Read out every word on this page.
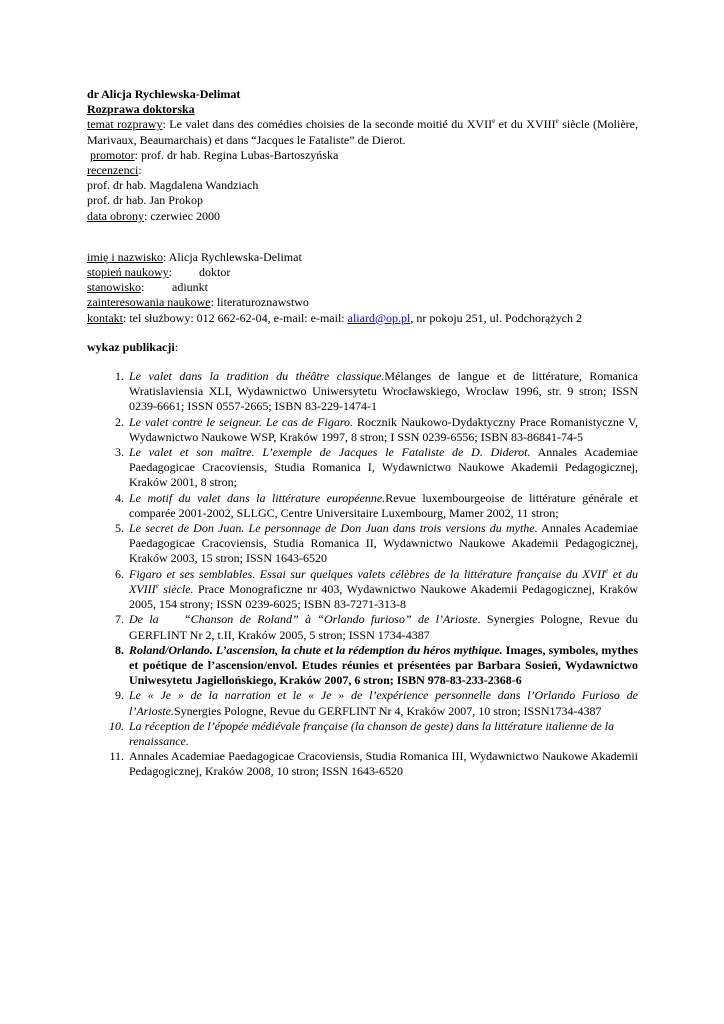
dr Alicja Rychlewska-Delimat

Rozprawa doktorska

temat rozprawy: Le valet dans des comédies choisies de la seconde moitié du XVIIe et du XVIIIe siècle (Molière, Marivaux, Beaumarchais) et dans “Jacques le Fataliste” de Dierot.

promotor: prof. dr hab. Regina Lubas-Bartoszyńska

recenzenci:

prof. dr hab. Magdalena Wandziach

prof. dr hab. Jan Prokop

data obrony: czerwiec 2000

imię i nazwisko: Alicja Rychlewska-Delimat

stopień naukowy: doktor

stanowisko: adiunkt

zainteresowania naukowe: literaturoznawstwo

kontakt: tel służbowy: 012 662-62-04, e-mail: e-mail: aliard@op.pl, nr pokoju 251, ul. Podchorążych 2

wykaz publikacji:

1. Le valet dans la tradition du théâtre classique.Mélanges de langue et de littérature, Romanica Wratislaviensia XLI, Wydawnictwo Uniwersytetu Wrocławskiego, Wrocław 1996, str. 9 stron; ISSN 0239-6661; ISSN 0557-2665; ISBN 83-229-1474-1
2. Le valet contre le seigneur. Le cas de Figaro. Rocznik Naukowo-Dydaktyczny Prace Romanistyczne V, Wydawnictwo Naukowe WSP, Kraków 1997, 8 stron; I SSN 0239-6556; ISBN 83-86841-74-5
3. Le valet et son maître. L’exemple de Jacques le Fataliste de D. Diderot. Annales Academiae Paedagogicae Cracoviensis, Studia Romanica I, Wydawnictwo Naukowe Akademii Pedagogicznej, Kraków 2001, 8 stron;
4. Le motif du valet dans la littérature européenne.Revue luxembourgeoise de littérature générale et comparée 2001-2002, SLLGC, Centre Universitaire Luxembourg, Mamer 2002, 11 stron;
5. Le secret de Don Juan. Le personnage de Don Juan dans trois versions du mythe. Annales Academiae Paedagogicae Cracoviensis, Studia Romanica II, Wydawnictwo Naukowe Akademii Pedagogicznej, Kraków 2003, 15 stron; ISSN 1643-6520
6. Figaro et ses semblables. Essai sur quelques valets célèbres de la littérature française du XVIIe et du XVIIIe siècle. Prace Monograficzne nr 403, Wydawnictwo Naukowe Akademii Pedagogicznej, Kraków 2005, 154 strony; ISSN 0239-6025; ISBN 83-7271-313-8
7. De la    “Chanson de Roland” à “Orlando furioso” de l’Arioste. Synergies Pologne, Revue du GERFLINT Nr 2, t.II, Kraków 2005, 5 stron; ISSN 1734-4387
8. Roland/Orlando. L’ascension, la chute et la rédemption du héros mythique. Images, symboles, mythes et poétique de l’ascension/envol. Etudes réunies et présentées par Barbara Sosień, Wydawnictwo Uniwesytetu Jagiellońskiego, Kraków 2007, 6 stron; ISBN 978-83-233-2368-6
9. Le « Je » de la narration et le « Je » de l’expérience personnelle dans l’Orlando Furioso de l’Arioste.Synergies Pologne, Revue du GERFLINT Nr 4, Kraków 2007, 10 stron; ISSN1734-4387
10. La réception de l’épopée médiévale française (la chanson de geste) dans la littérature italienne de la renaissance.
11. Annales Academiae Paedagogicae Cracoviensis, Studia Romanica III, Wydawnictwo Naukowe Akademii Pedagogicznej, Kraków 2008, 10 stron; ISSN 1643-6520
